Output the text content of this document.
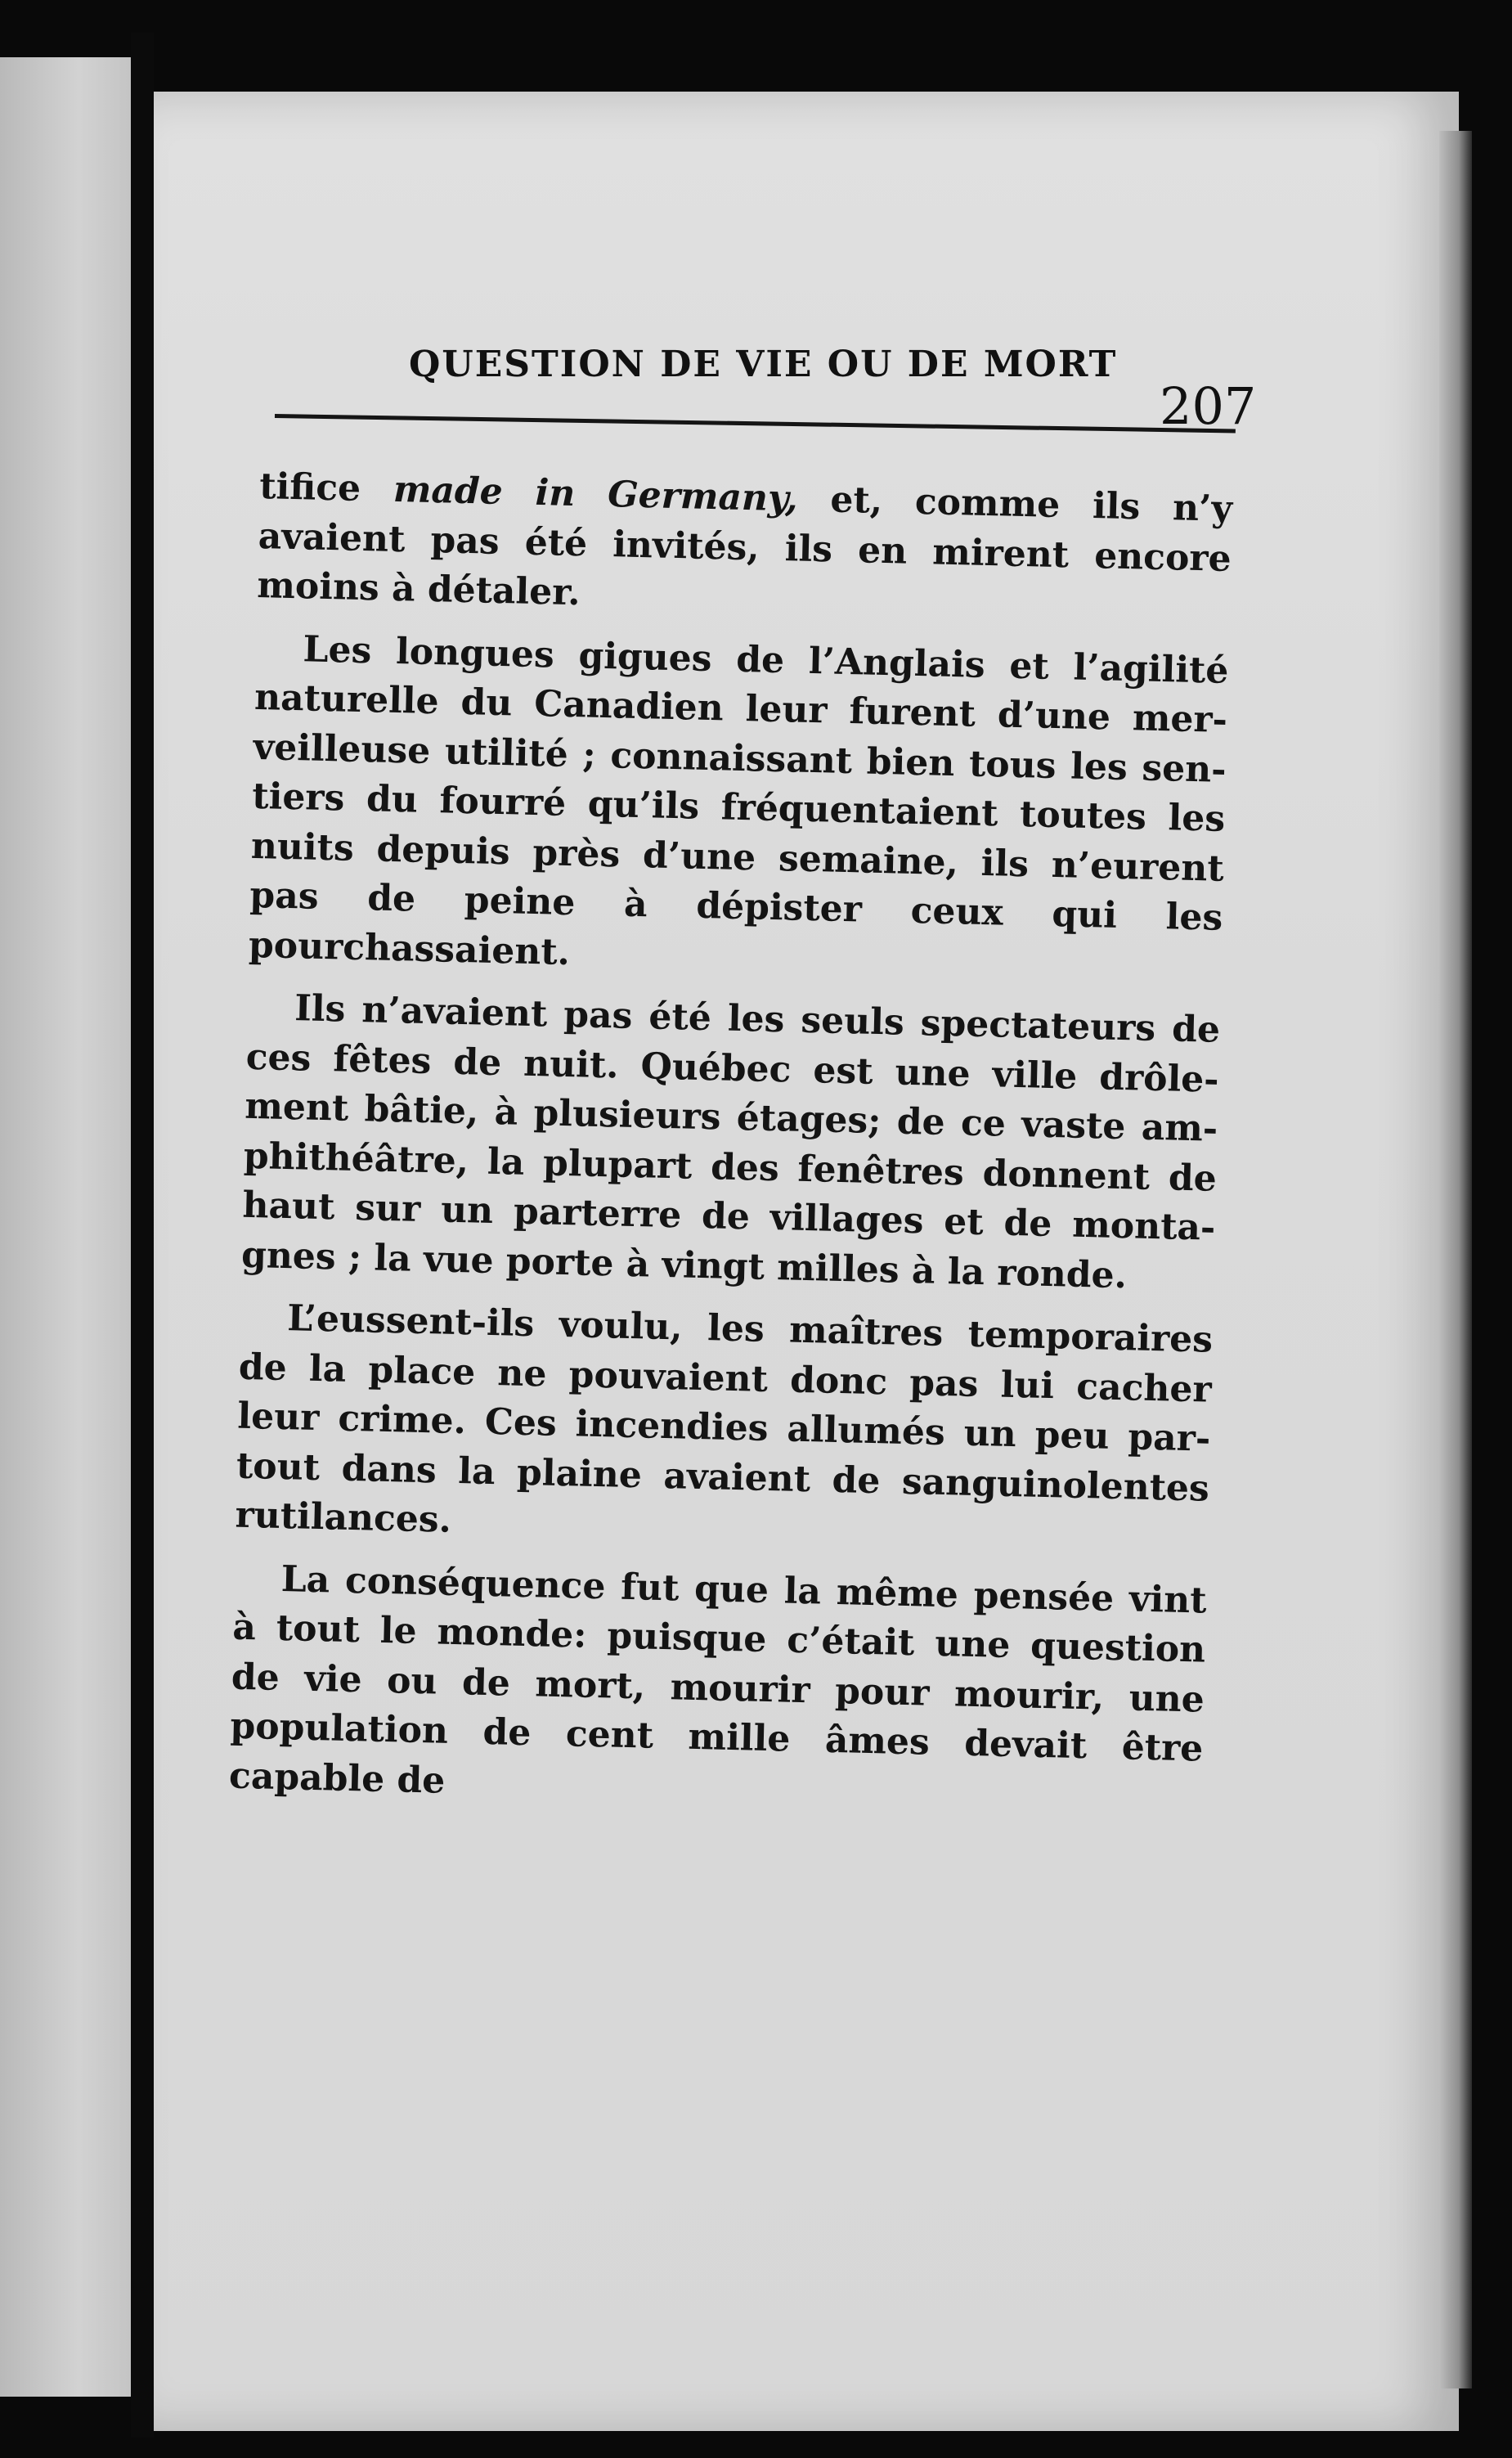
QUESTION DE VIE OU DE MORT
207

tifice made in Germany, et, comme ils n’y avaient pas été invités, ils en mirent encore moins à détaler.

Les longues gigues de l’Anglais et l’agilité naturelle du Canadien leur furent d’une merveilleuse utilité ; connaissant bien tous les sentiers du fourré qu’ils fréquentaient toutes les nuits depuis près d’une semaine, ils n’eurent pas de peine à dépister ceux qui les pourchassaient.

Ils n’avaient pas été les seuls spectateurs de ces fêtes de nuit. Québec est une ville drôlement bâtie, à plusieurs étages; de ce vaste amphithéâtre, la plupart des fenêtres donnent de haut sur un parterre de villages et de montagnes ; la vue porte à vingt milles à la ronde.

L’eussent-ils voulu, les maîtres temporaires de la place ne pouvaient donc pas lui cacher leur crime. Ces incendies allumés un peu partout dans la plaine avaient de sanguinolentes rutilances.

La conséquence fut que la même pensée vint à tout le monde: puisque c’était une question de vie ou de mort, mourir pour mourir, une population de cent mille âmes devait être capable de
